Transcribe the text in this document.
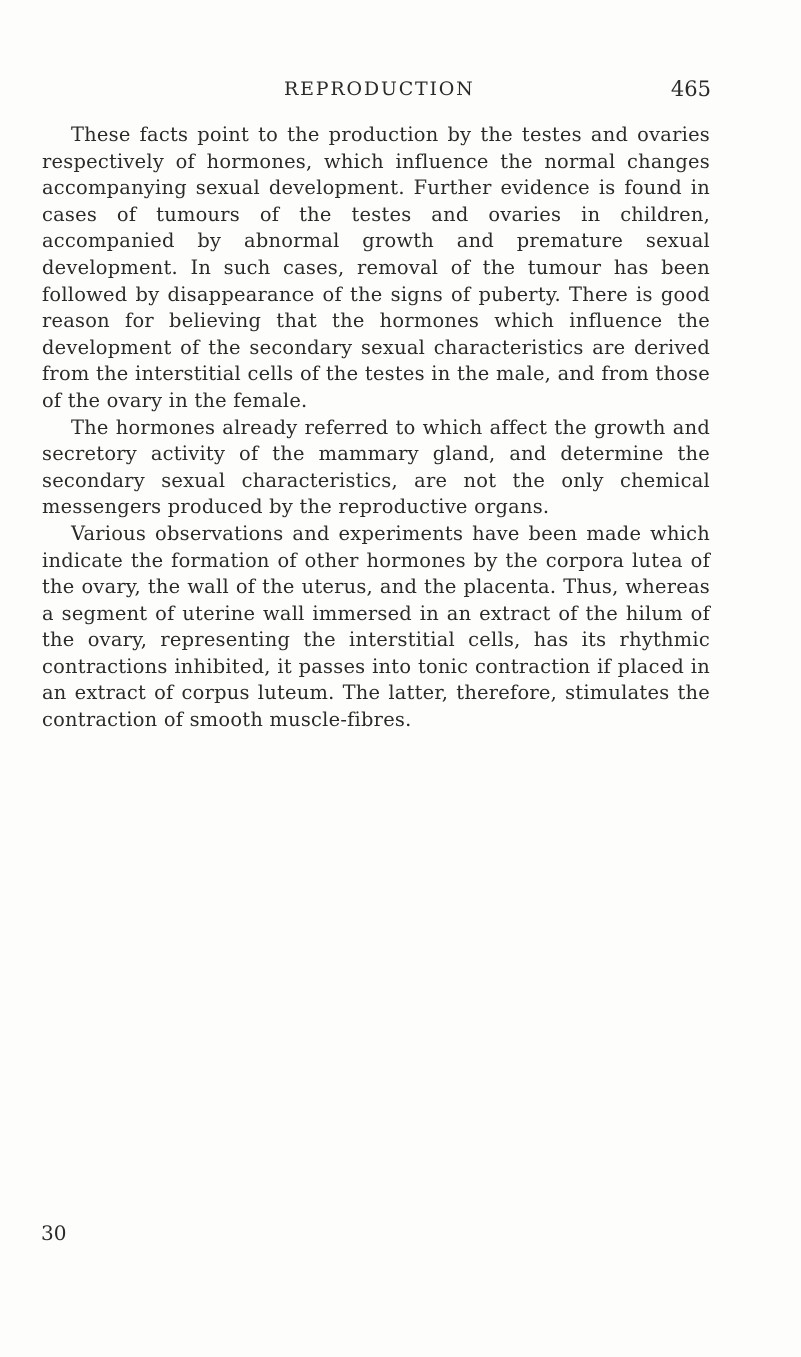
REPRODUCTION	465

These facts point to the production by the testes and ovaries respectively of hormones, which influence the normal changes accompanying sexual development. Further evidence is found in cases of tumours of the testes and ovaries in children, accompanied by abnormal growth and premature sexual development. In such cases, removal of the tumour has been followed by disappearance of the signs of puberty. There is good reason for believing that the hormones which influence the development of the secondary sexual characteristics are derived from the interstitial cells of the testes in the male, and from those of the ovary in the female.

The hormones already referred to which affect the growth and secretory activity of the mammary gland, and determine the secondary sexual characteristics, are not the only chemical messengers produced by the reproductive organs.

Various observations and experiments have been made which indicate the formation of other hormones by the corpora lutea of the ovary, the wall of the uterus, and the placenta. Thus, whereas a segment of uterine wall immersed in an extract of the hilum of the ovary, representing the interstitial cells, has its rhythmic contractions inhibited, it passes into tonic contraction if placed in an extract of corpus luteum. The latter, therefore, stimulates the contraction of smooth muscle-fibres.

30
